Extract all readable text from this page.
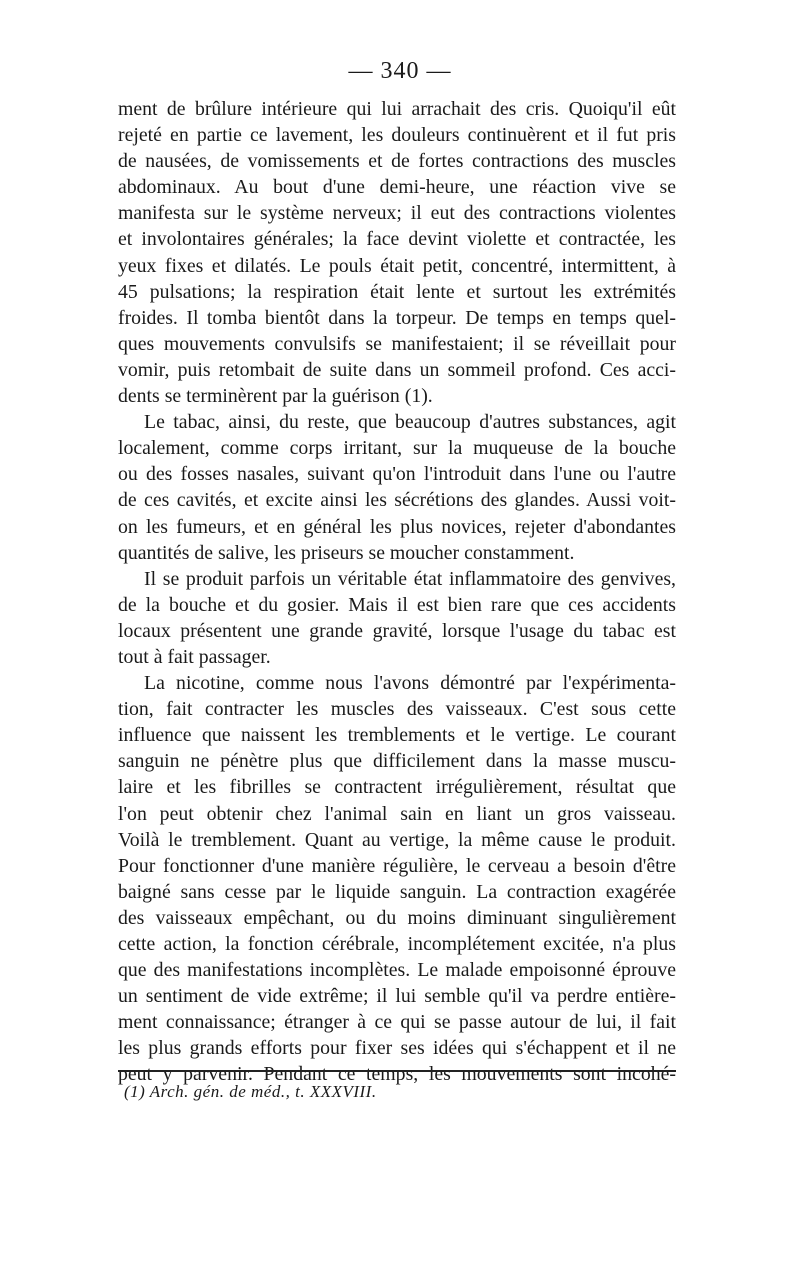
— 340 —
ment de brûlure intérieure qui lui arrachait des cris. Quoiqu'il eût
rejeté en partie ce lavement, les douleurs continuèrent et il fut pris
de nausées, de vomissements et de fortes contractions des muscles
abdominaux. Au bout d'une demi-heure, une réaction vive se
manifesta sur le système nerveux; il eut des contractions violentes
et involontaires générales; la face devint violette et contractée, les
yeux fixes et dilatés. Le pouls était petit, concentré, intermittent, à
45 pulsations; la respiration était lente et surtout les extrémités
froides. Il tomba bientôt dans la torpeur. De temps en temps quel-
ques mouvements convulsifs se manifestaient; il se réveillait pour
vomir, puis retombait de suite dans un sommeil profond. Ces acci-
dents se terminèrent par la guérison (1).
Le tabac, ainsi, du reste, que beaucoup d'autres substances, agit
localement, comme corps irritant, sur la muqueuse de la bouche
ou des fosses nasales, suivant qu'on l'introduit dans l'une ou l'autre
de ces cavités, et excite ainsi les sécrétions des glandes. Aussi voit-
on les fumeurs, et en général les plus novices, rejeter d'abondantes
quantités de salive, les priseurs se moucher constamment.
Il se produit parfois un véritable état inflammatoire des genvives,
de la bouche et du gosier. Mais il est bien rare que ces accidents
locaux présentent une grande gravité, lorsque l'usage du tabac est
tout à fait passager.
La nicotine, comme nous l'avons démontré par l'expérimenta-
tion, fait contracter les muscles des vaisseaux. C'est sous cette
influence que naissent les tremblements et le vertige. Le courant
sanguin ne pénètre plus que difficilement dans la masse muscu-
laire et les fibrilles se contractent irrégulièrement, résultat que
l'on peut obtenir chez l'animal sain en liant un gros vaisseau.
Voilà le tremblement. Quant au vertige, la même cause le produit.
Pour fonctionner d'une manière régulière, le cerveau a besoin d'être
baigné sans cesse par le liquide sanguin. La contraction exagérée
des vaisseaux empêchant, ou du moins diminuant singulièrement
cette action, la fonction cérébrale, incomplétement excitée, n'a plus
que des manifestations incomplètes. Le malade empoisonné éprouve
un sentiment de vide extrême; il lui semble qu'il va perdre entière-
ment connaissance; étranger à ce qui se passe autour de lui, il fait
les plus grands efforts pour fixer ses idées qui s'échappent et il ne
peut y parvenir. Pendant ce temps, les mouvements sont incohé-
(1) Arch. gén. de méd., t. XXXVIII.
